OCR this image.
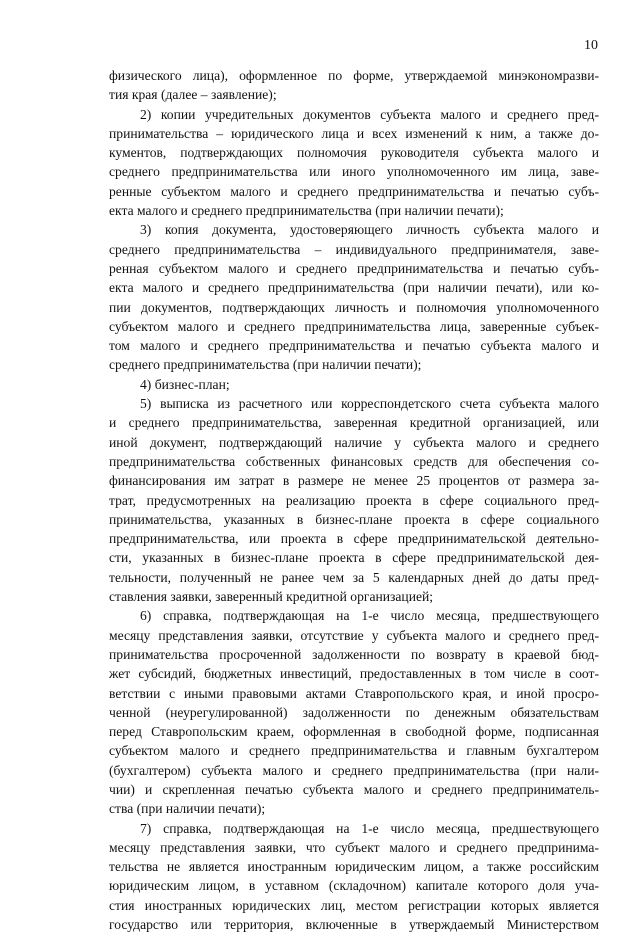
10
физического лица), оформленное по форме, утверждаемой минэкономразви-
тия края (далее – заявление);
2) копии учредительных документов субъекта малого и среднего пред-
принимательства – юридического лица и всех изменений к ним, а также до-
кументов, подтверждающих полномочия руководителя субъекта малого и
среднего предпринимательства или иного уполномоченного им лица, заве-
ренные субъектом малого и среднего предпринимательства и печатью субъ-
екта малого и среднего предпринимательства (при наличии печати);
3) копия документа, удостоверяющего личность субъекта малого и
среднего предпринимательства – индивидуального предпринимателя, заве-
ренная субъектом малого и среднего предпринимательства и печатью субъ-
екта малого и среднего предпринимательства (при наличии печати), или ко-
пии документов, подтверждающих личность и полномочия уполномоченного
субъектом малого и среднего предпринимательства лица, заверенные субъек-
том малого и среднего предпринимательства и печатью субъекта малого и
среднего предпринимательства (при наличии печати);
4) бизнес-план;
5) выписка из расчетного или корреспондетского счета субъекта малого
и среднего предпринимательства, заверенная кредитной организацией, или
иной документ, подтверждающий наличие у субъекта малого и среднего
предпринимательства собственных финансовых средств для обеспечения со-
финансирования им затрат в размере не менее 25 процентов от размера за-
трат, предусмотренных на реализацию проекта в сфере социального пред-
принимательства, указанных в бизнес-плане проекта в сфере социального
предпринимательства, или проекта в сфере предпринимательской деятельно-
сти, указанных в бизнес-плане проекта в сфере предпринимательской дея-
тельности, полученный не ранее чем за 5 календарных дней до даты пред-
ставления заявки, заверенный кредитной организацией;
6) справка, подтверждающая на 1-е число месяца, предшествующего
месяцу представления заявки, отсутствие у субъекта малого и среднего пред-
принимательства просроченной задолженности по возврату в краевой бюд-
жет субсидий, бюджетных инвестиций, предоставленных в том числе в соот-
ветствии с иными правовыми актами Ставропольского края, и иной просро-
ченной (неурегулированной) задолженности по денежным обязательствам
перед Ставропольским краем, оформленная в свободной форме, подписанная
субъектом малого и среднего предпринимательства и главным бухгалтером
(бухгалтером) субъекта малого и среднего предпринимательства (при нали-
чии) и скрепленная печатью субъекта малого и среднего предприниматель-
ства (при наличии печати);
7) справка, подтверждающая на 1-е число месяца, предшествующего
месяцу представления заявки, что субъект малого и среднего предпринима-
тельства не является иностранным юридическим лицом, а также российским
юридическим лицом, в уставном (складочном) капитале которого доля уча-
стия иностранных юридических лиц, местом регистрации которых является
государство или территория, включенные в утверждаемый Министерством
